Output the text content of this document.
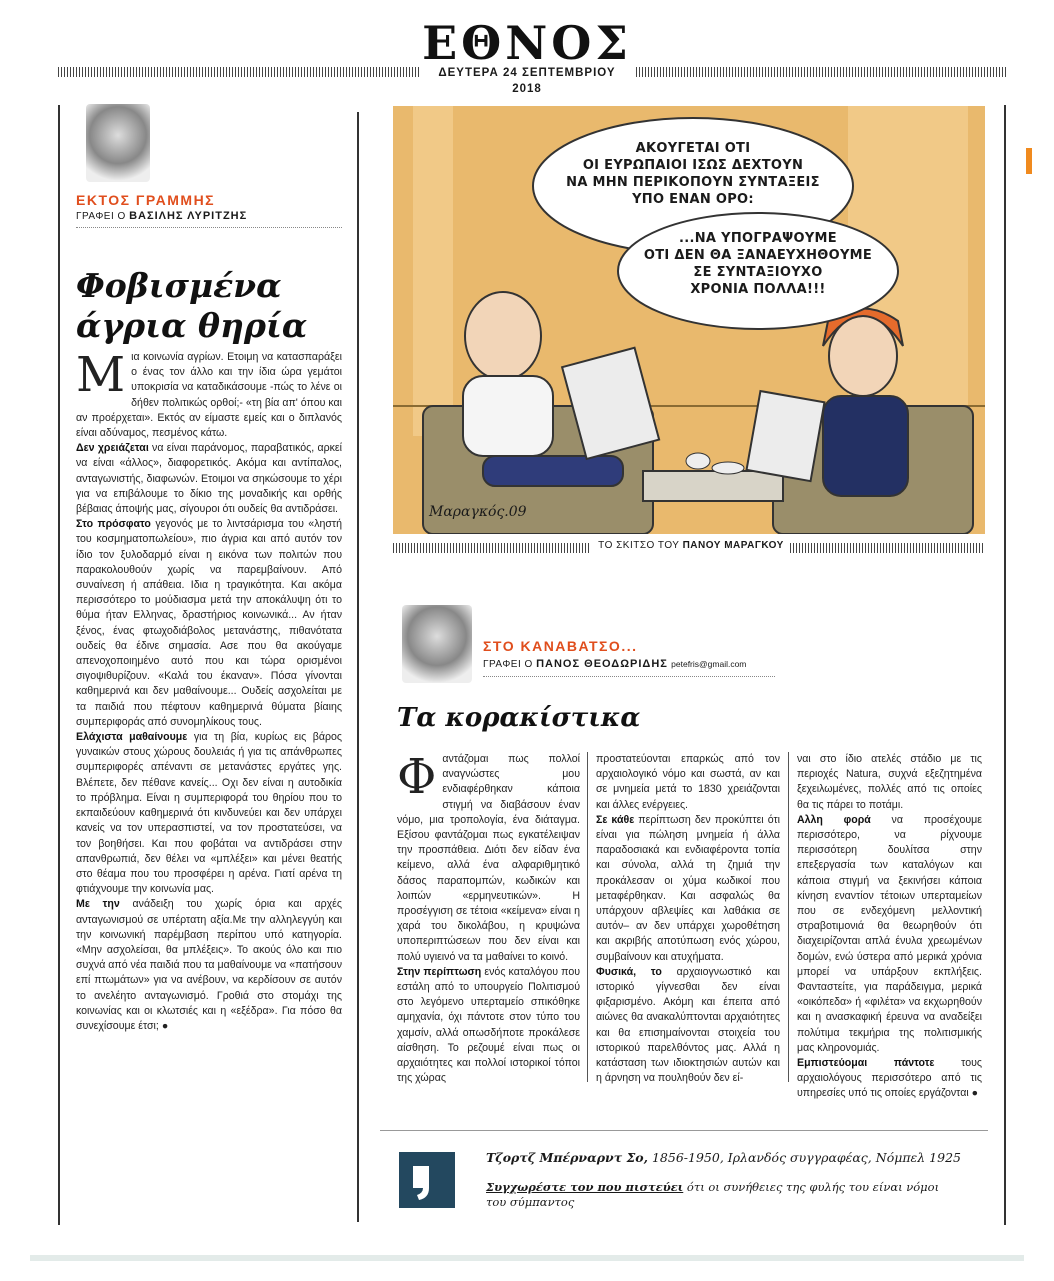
ΕΘΝΟΣ
ΔΕΥΤΕΡΑ 24 ΣΕΠΤΕΜΒΡΙΟΥ 2018
ΕΚΤΟΣ ΓΡΑΜΜΗΣ
ΓΡΑΦΕΙ Ο ΒΑΣΙΛΗΣ ΛΥΡΙΤΖΗΣ
Φοβισμένα
άγρια θηρία

Μια κοινωνία αγρίων. Ετοιμη να κατασπαράξει ο ένας τον άλλο και την ίδια ώρα γεμάτοι υποκρισία να καταδικάσουμε -πώς το λένε οι δήθεν πολιτικώς ορθοί;- «τη βία απ' όπου και αν προέρχεται». Εκτός αν είμαστε εμείς και ο διπλανός είναι αδύναμος, πεσμένος κάτω.

Δεν χρειάζεται να είναι παράνομος, παραβατικός, αρκεί να είναι «άλλος», διαφορετικός. Ακόμα και αντίπαλος, ανταγωνιστής, διαφωνών. Ετοιμοι να σηκώσουμε το χέρι για να επιβάλουμε το δίκιο της μοναδικής και ορθής βέβαιας άποψής μας, σίγουροι ότι ουδείς θα αντιδράσει.

Στο πρόσφατο γεγονός με το λιντσάρισμα του «ληστή του κοσμηματοπωλείου», πιο άγρια και από αυτόν τον ίδιο τον ξυλοδαρμό είναι η εικόνα των πολιτών που παρακολουθούν χωρίς να παρεμβαίνουν. Από συναίνεση ή απάθεια. Ιδια η τραγικότητα. Και ακόμα περισσότερο το μούδιασμα μετά την αποκάλυψη ότι το θύμα ήταν Ελληνας, δραστήριος κοινωνικά... Αν ήταν ξένος, ένας φτωχοδιάβολος μετανάστης, πιθανότατα ουδείς θα έδινε σημασία. Ασε που θα ακούγαμε απενοχοποιημένο αυτό που και τώρα ορισμένοι σιγοψιθυρίζουν. «Καλά του έκαναν». Πόσα γίνονται καθημερινά και δεν μαθαίνουμε... Ουδείς ασχολείται με τα παιδιά που πέφτουν καθημερινά θύματα βίαιης συμπεριφοράς από συνομηλίκους τους.

Ελάχιστα μαθαίνουμε για τη βία, κυρίως εις βάρος γυναικών στους χώρους δουλειάς ή για τις απάνθρωπες συμπεριφορές απέναντι σε μετανάστες εργάτες γης. Βλέπετε, δεν πέθανε κανείς... Οχι δεν είναι η αυτοδικία το πρόβλημα. Είναι η συμπεριφορά του θηρίου που το εκπαιδεύουν καθημερινά ότι κινδυνεύει και δεν υπάρχει κανείς να τον υπερασπιστεί, να τον προστατεύσει, να τον βοηθήσει. Και που φοβάται να αντιδράσει στην απανθρωπιά, δεν θέλει να «μπλέξει» και μένει θεατής στο θέαμα που του προσφέρει η αρένα. Γιατί αρένα τη φτιάχνουμε την κοινωνία μας.

Με την ανάδειξη του χωρίς όρια και αρχές ανταγωνισμού σε υπέρτατη αξία.Με την αλληλεγγύη και την κοινωνική παρέμβαση περίπου υπό κατηγορία. «Μην ασχολείσαι, θα μπλέξεις». Το ακούς όλο και πιο συχνά από νέα παιδιά που τα μαθαίνουμε να «πατήσουν επί πτωμάτων» για να ανέβουν, να κερδίσουν σε αυτόν το ανελέητο ανταγωνισμό. Γροθιά στο στομάχι της κοινωνίας και οι κλωτσιές και η «εξέδρα». Για πόσο θα συνεχίσουμε έτσι; ●

ΑΚΟΥΓΕΤΑΙ ΟΤΙ
ΟΙ ΕΥΡΩΠΑΙΟΙ ΙΣΩΣ ΔΕΧΤΟΥΝ
ΝΑ ΜΗΝ ΠΕΡΙΚΟΠΟΥΝ ΣΥΝΤΑΞΕΙΣ
ΥΠΟ ΕΝΑΝ ΟΡΟ:
...ΝΑ ΥΠΟΓΡΑΨΟΥΜΕ
ΟΤΙ ΔΕΝ ΘΑ ΞΑΝΑΕΥΧΗΘΟΥΜΕ
ΣΕ ΣΥΝΤΑΞΙΟΥΧΟ
ΧΡΟΝΙΑ ΠΟΛΛΑ!!!
Μαραγκός.09
ΤΟ ΣΚΙΤΣΟ ΤΟΥ ΠΑΝΟΥ ΜΑΡΑΓΚΟΥ
ΣΤΟ ΚΑΝΑΒΑΤΣΟ...
ΓΡΑΦΕΙ Ο ΠΑΝΟΣ ΘΕΟΔΩΡΙΔΗΣ petefris@gmail.com
Τα κορακίστικα

Φαντάζομαι πως πολλοί αναγνώστες μου ενδιαφέρθηκαν κάποια στιγμή να διαβάσουν έναν νόμο, μια τροπολογία, ένα διάταγμα. Εξίσου φαντάζομαι πως εγκατέλειψαν την προσπάθεια. Διότι δεν είδαν ένα κείμενο, αλλά ένα αλφαριθμητικό δάσος παραπομπών, κωδικών και λοιπών «ερμηνευτικών». Η προσέγγιση σε τέτοια «κείμενα» είναι η χαρά του δικολάβου, η κρυψώνα υποπεριπτώσεων που δεν είναι και πολύ υγιεινό να τα μαθαίνει το κοινό.

Στην περίπτωση ενός καταλόγου που εστάλη από το υπουργείο Πολιτισμού στο λεγόμενο υπερταμείο σπικόθηκε αμηχανία, όχι πάντοτε στον τύπο του χαμσίν, αλλά οπωσδήποτε προκάλεσε αίσθηση. Το ρεζουμέ είναι πως οι αρχαιότητες και πολλοί ιστορικοί τόποι της χώρας

προστατεύονται επαρκώς από τον αρχαιολογικό νόμο και σωστά, αν και σε μνημεία μετά το 1830 χρειάζονται και άλλες ενέργειες.

Σε κάθε περίπτωση δεν προκύπτει ότι είναι για πώληση μνημεία ή άλλα παραδοσιακά και ενδιαφέροντα τοπία και σύνολα, αλλά τη ζημιά την προκάλεσαν οι χύμα κωδικοί που μεταφέρθηκαν. Και ασφαλώς θα υπάρχουν αβλεψίες και λαθάκια σε αυτόν– αν δεν υπάρχει χωροθέτηση και ακριβής αποτύπωση ενός χώρου, συμβαίνουν και ατυχήματα.

Φυσικά, το αρχαιογνωστικό και ιστορικό γίγνεσθαι δεν είναι φιξαρισμένο. Ακόμη και έπειτα από αιώνες θα ανακαλύπτονται αρχαιότητες και θα επισημαίνονται στοιχεία του ιστορικού παρελθόντος μας. Αλλά η κατάσταση των ιδιοκτησιών αυτών και η άρνηση να πουληθούν δεν εί-

ναι στο ίδιο ατελές στάδιο με τις περιοχές Natura, συχνά εξεζητημένα ξεχειλωμένες, πολλές από τις οποίες θα τις πάρει το ποτάμι.

Αλλη φορά να προσέχουμε περισσότερο, να ρίχνουμε περισσότερη δουλίτσα στην επεξεργασία των καταλόγων και κάποια στιγμή να ξεκινήσει κάποια κίνηση εναντίον τέτοιων υπερταμείων που σε ενδεχόμενη μελλοντική στραβοτιμονιά θα θεωρηθούν ότι διαχειρίζονται απλά ένυλα χρεωμένων δομών, ενώ ύστερα από μερικά χρόνια μπορεί να υπάρξουν εκπλήξεις. Φανταστείτε, για παράδειγμα, μερικά «οικόπεδα» ή «φιλέτα» να εκχωρηθούν και η ανασκαφική έρευνα να αναδείξει πολύτιμα τεκμήρια της πολιτισμικής μας κληρονομιάς.

Εμπιστεύομαι πάντοτε τους αρχαιολόγους περισσότερο από τις υπηρεσίες υπό τις οποίες εργάζονται ●

Τζορτζ Μπέρναρντ Σο, 1856-1950, Ιρλανδός συγγραφέας, Νόμπελ 1925
Συγχωρέστε τον που πιστεύει ότι οι συνήθειες της φυλής του είναι νόμοι
του σύμπαντος
